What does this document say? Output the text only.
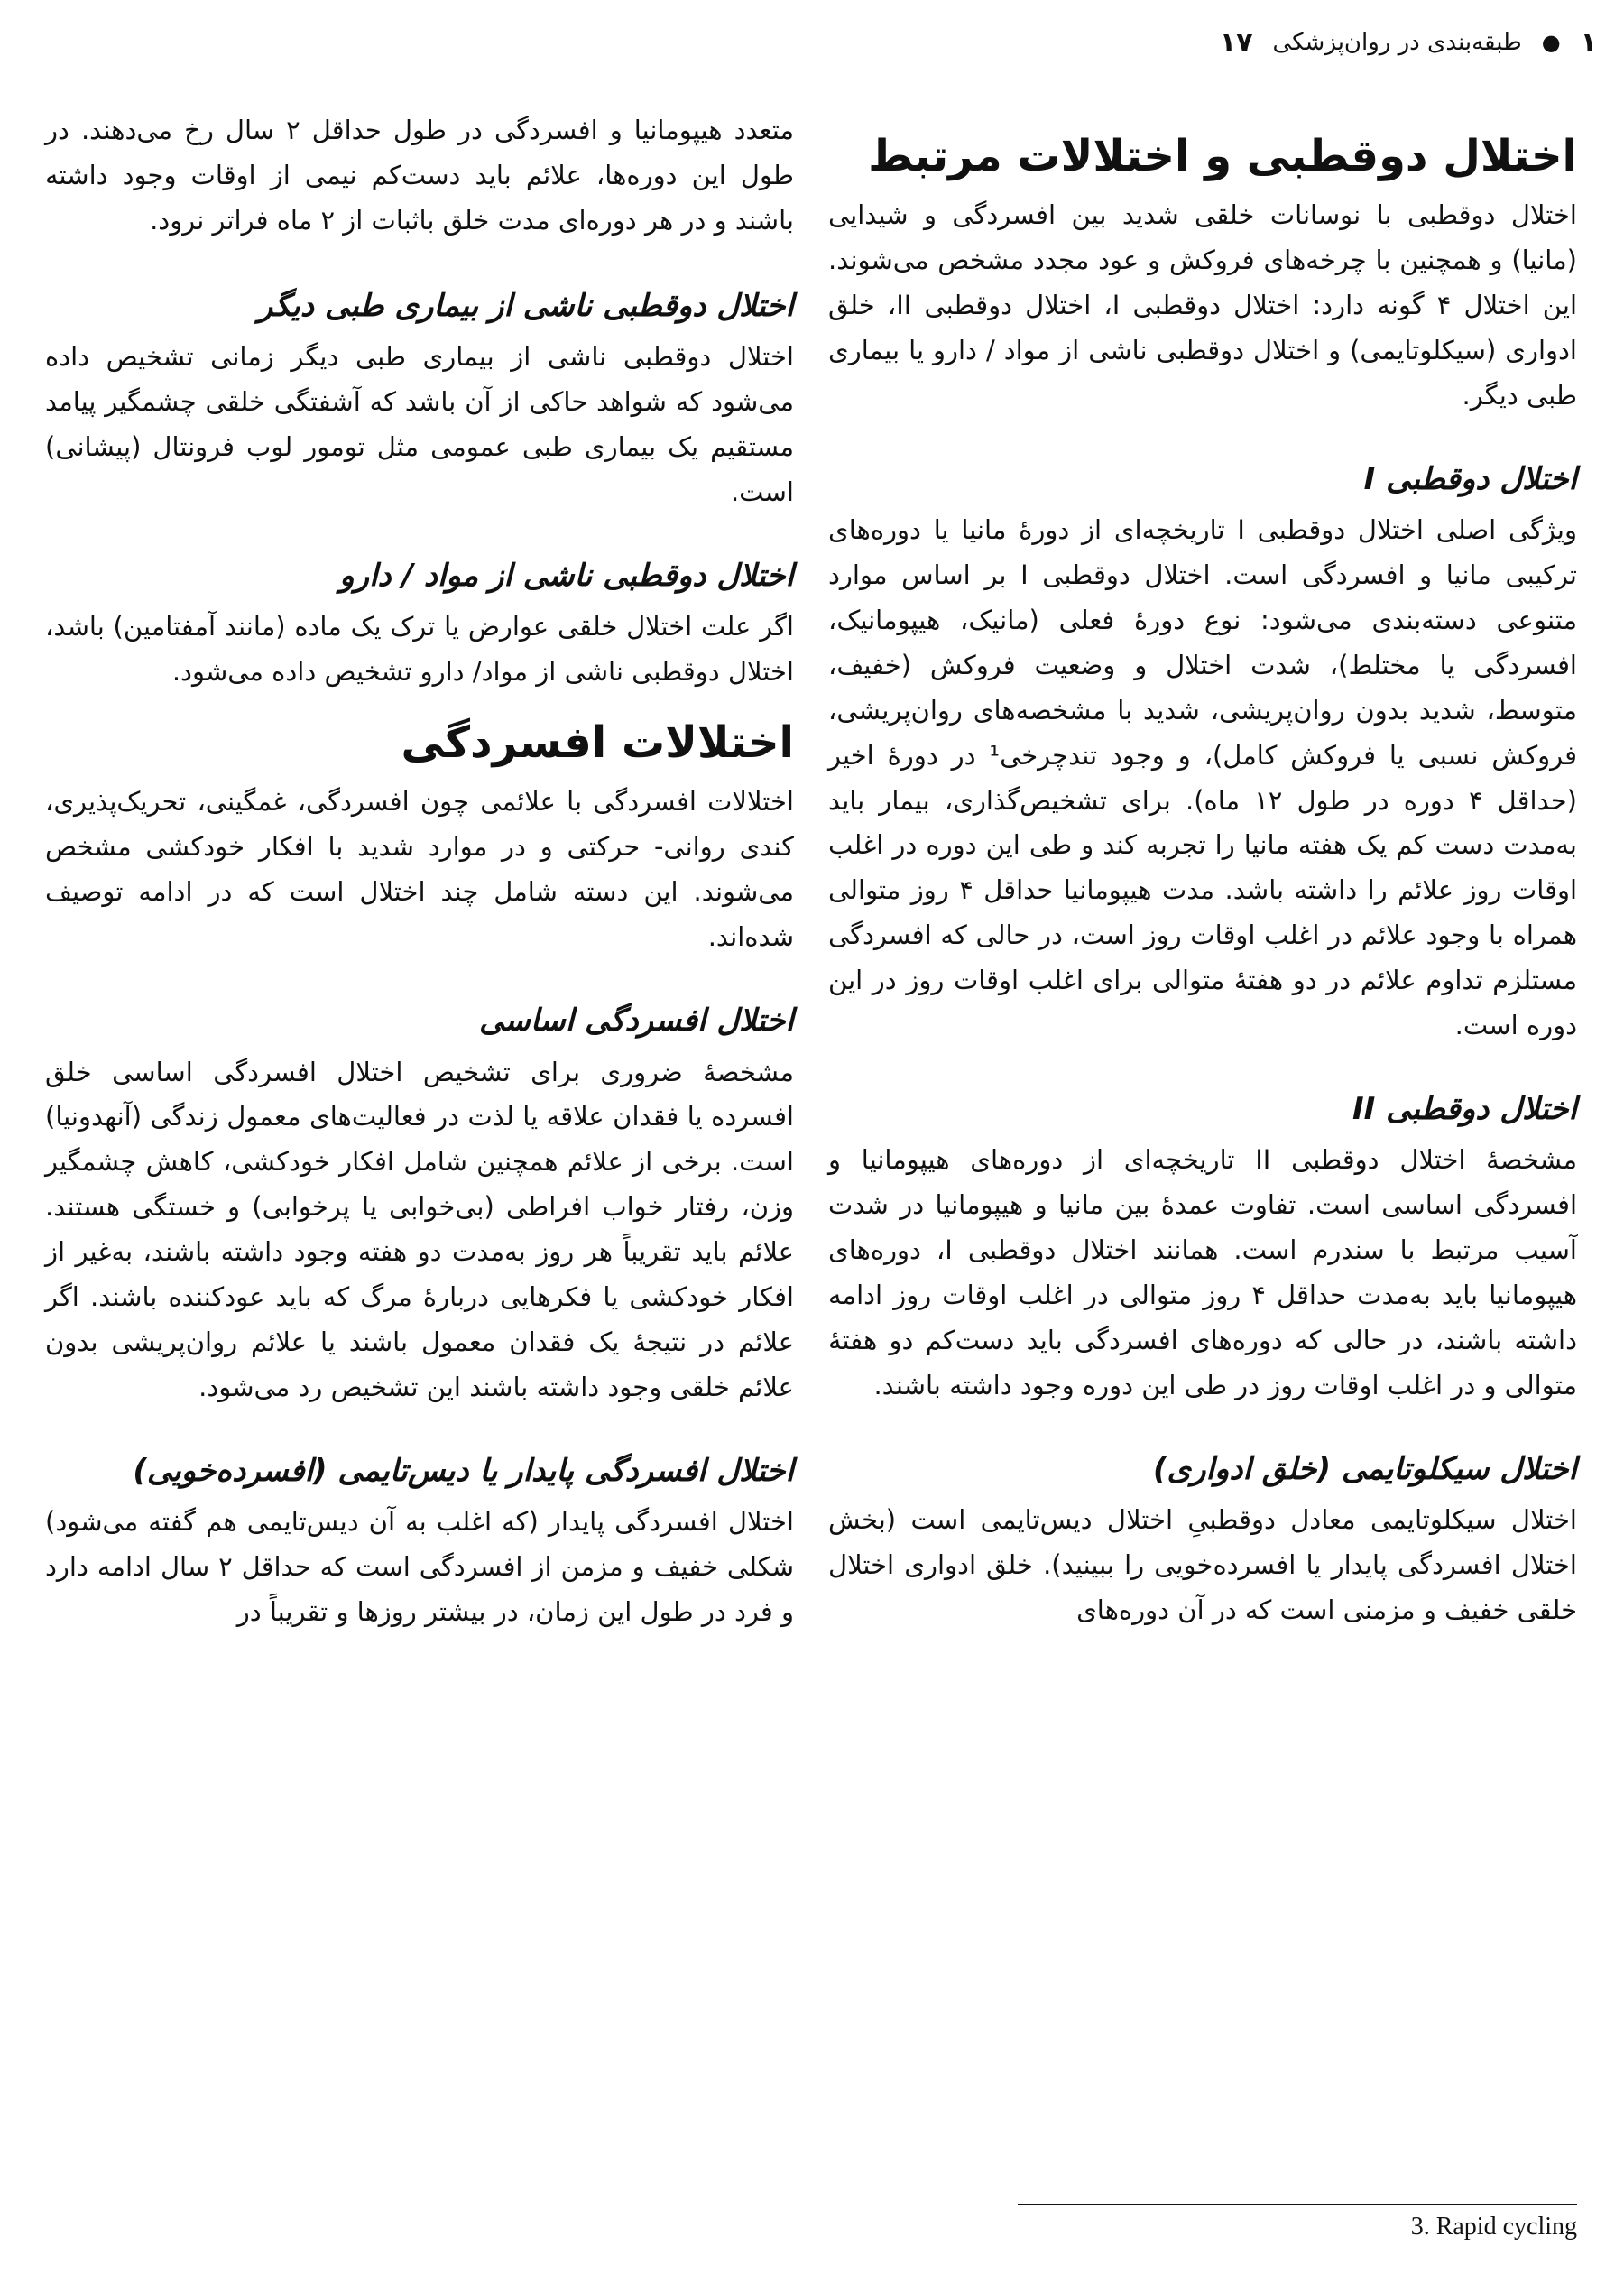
۱
●
طبقه‌بندی در روان‌پزشکی
۱۷
اختلال دوقطبی و اختلالات مرتبط

اختلال دوقطبی با نوسانات خلقی شدید بین افسردگی و شیدایی (مانیا) و همچنین با چرخه‌های فروکش و عود مجدد مشخص می‌شوند. این اختلال ۴ گونه دارد: اختلال دوقطبی I، اختلال دوقطبی II، خلق ادواری (سیکلوتایمی) و اختلال دوقطبی ناشی از مواد / دارو یا بیماری طبی دیگر.

اختلال دوقطبی I

ویژگی اصلی اختلال دوقطبی I تاریخچه‌ای از دورۀ مانیا یا دوره‌های ترکیبی مانیا و افسردگی است. اختلال دوقطبی I بر اساس موارد متنوعی دسته‌بندی می‌شود: نوع دورۀ فعلی (مانیک، هیپومانیک، افسردگی یا مختلط)، شدت اختلال و وضعیت فروکش (خفیف، متوسط، شدید بدون روان‌پریشی، شدید با مشخصه‌های روان‌پریشی، فروکش نسبی یا فروکش کامل)، و وجود تندچرخی¹ در دورۀ اخیر (حداقل ۴ دوره در طول ۱۲ ماه). برای تشخیص‌گذاری، بیمار باید به‌مدت دست کم یک هفته مانیا را تجربه کند و طی این دوره در اغلب اوقات روز علائم را داشته باشد. مدت هیپومانیا حداقل ۴ روز متوالی همراه با وجود علائم در اغلب اوقات روز است، در حالی که افسردگی مستلزم تداوم علائم در دو هفتۀ متوالی برای اغلب اوقات روز در این دوره است.

اختلال دوقطبی II

مشخصۀ اختلال دوقطبی II تاریخچه‌ای از دوره‌های هیپومانیا و افسردگی اساسی است. تفاوت عمدۀ بین مانیا و هیپومانیا در شدت آسیب مرتبط با سندرم است. همانند اختلال دوقطبی I، دوره‌های هیپومانیا باید به‌مدت حداقل ۴ روز متوالی در اغلب اوقات روز ادامه داشته باشند، در حالی که دوره‌های افسردگی باید دست‌کم دو هفتۀ متوالی و در اغلب اوقات روز در طی این دوره وجود داشته باشند.

اختلال سیکلوتایمی (خلق ادواری)

اختلال سیکلوتایمی معادل دوقطبیِ اختلال دیس‌تایمی است (بخش اختلال افسردگی پایدار یا افسرده‌خویی را ببینید). خلق ادواری اختلال خلقی خفیف و مزمنی است که در آن دوره‌های

متعدد هیپومانیا و افسردگی در طول حداقل ۲ سال رخ می‌دهند. در طول این دوره‌ها، علائم باید دست‌کم نیمی از اوقات وجود داشته باشند و در هر دوره‌ای مدت خلق باثبات از ۲ ماه فراتر نرود.

اختلال دوقطبی ناشی از بیماری طبی دیگر

اختلال دوقطبی ناشی از بیماری طبی دیگر زمانی تشخیص داده می‌شود که شواهد حاکی از آن باشد که آشفتگی خلقی چشمگیر پیامد مستقیم یک بیماری طبی عمومی مثل تومور لوب فرونتال (پیشانی) است.

اختلال دوقطبی ناشی از مواد / دارو

اگر علت اختلال خلقی عوارض یا ترک یک ماده (مانند آمفتامین) باشد، اختلال دوقطبی ناشی از مواد/ دارو تشخیص داده می‌شود.

اختلالات افسردگی

اختلالات افسردگی با علائمی چون افسردگی، غمگینی، تحریک‌پذیری، کندی روانی- حرکتی و در موارد شدید با افکار خودکشی مشخص می‌شوند. این دسته شامل چند اختلال است که در ادامه توصیف شده‌اند.

اختلال افسردگی اساسی

مشخصۀ ضروری برای تشخیص اختلال افسردگی اساسی خلق افسرده یا فقدان علاقه یا لذت در فعالیت‌های معمول زندگی (آنهدونیا) است. برخی از علائم همچنین شامل افکار خودکشی، کاهش چشمگیر وزن، رفتار خواب افراطی (بی‌خوابی یا پرخوابی) و خستگی هستند. علائم باید تقریباً هر روز به‌مدت دو هفته وجود داشته باشند، به‌غیر از افکار خودکشی یا فکرهایی دربارۀ مرگ که باید عودکننده باشند. اگر علائم در نتیجۀ یک فقدان معمول باشند یا علائم روان‌پریشی بدون علائم خلقی وجود داشته باشند این تشخیص رد می‌شود.

اختلال افسردگی پایدار یا دیس‌تایمی (افسرده‌خویی)

اختلال افسردگی پایدار (که اغلب به آن دیس‌تایمی هم گفته می‌شود) شکلی خفیف و مزمن از افسردگی است که حداقل ۲ سال ادامه دارد و فرد در طول این زمان، در بیشتر روزها و تقریباً در

3. Rapid cycling
